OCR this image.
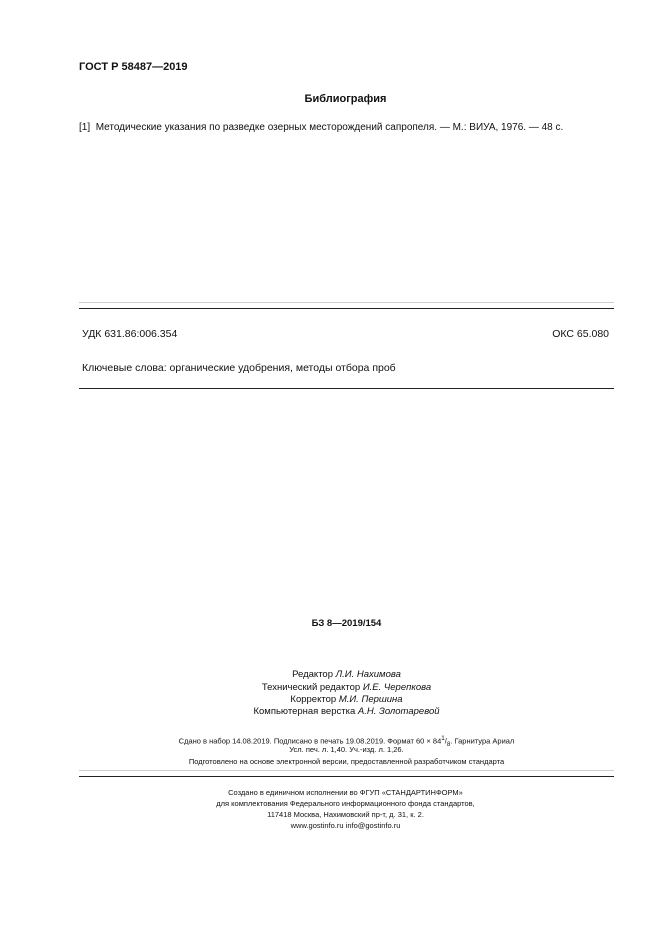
ГОСТ Р 58487—2019
Библиография
[1] Методические указания по разведке озерных месторождений сапропеля. — М.: ВИУА, 1976. — 48 с.
УДК 631.86:006.354	ОКС 65.080
Ключевые слова: органические удобрения, методы отбора проб
БЗ 8—2019/154
Редактор Л.И. Нахимова
Технический редактор И.Е. Черепкова
Корректор М.И. Першина
Компьютерная верстка А.Н. Золотаревой
Сдано в набор 14.08.2019. Подписано в печать 19.08.2019. Формат $60 \times 84^1/_8$. Гарнитура Ариал
Усл. печ. л. 1,40. Уч.-изд. л. 1,26.
Подготовлено на основе электронной версии, предоставленной разработчиком стандарта
Создано в единичном исполнении во ФГУП «СТАНДАРТИНФОРМ»
для комплектования Федерального информационного фонда стандартов,
117418 Москва, Нахимовский пр-т, д. 31, к. 2.
www.gostinfo.ru info@gostinfo.ru
